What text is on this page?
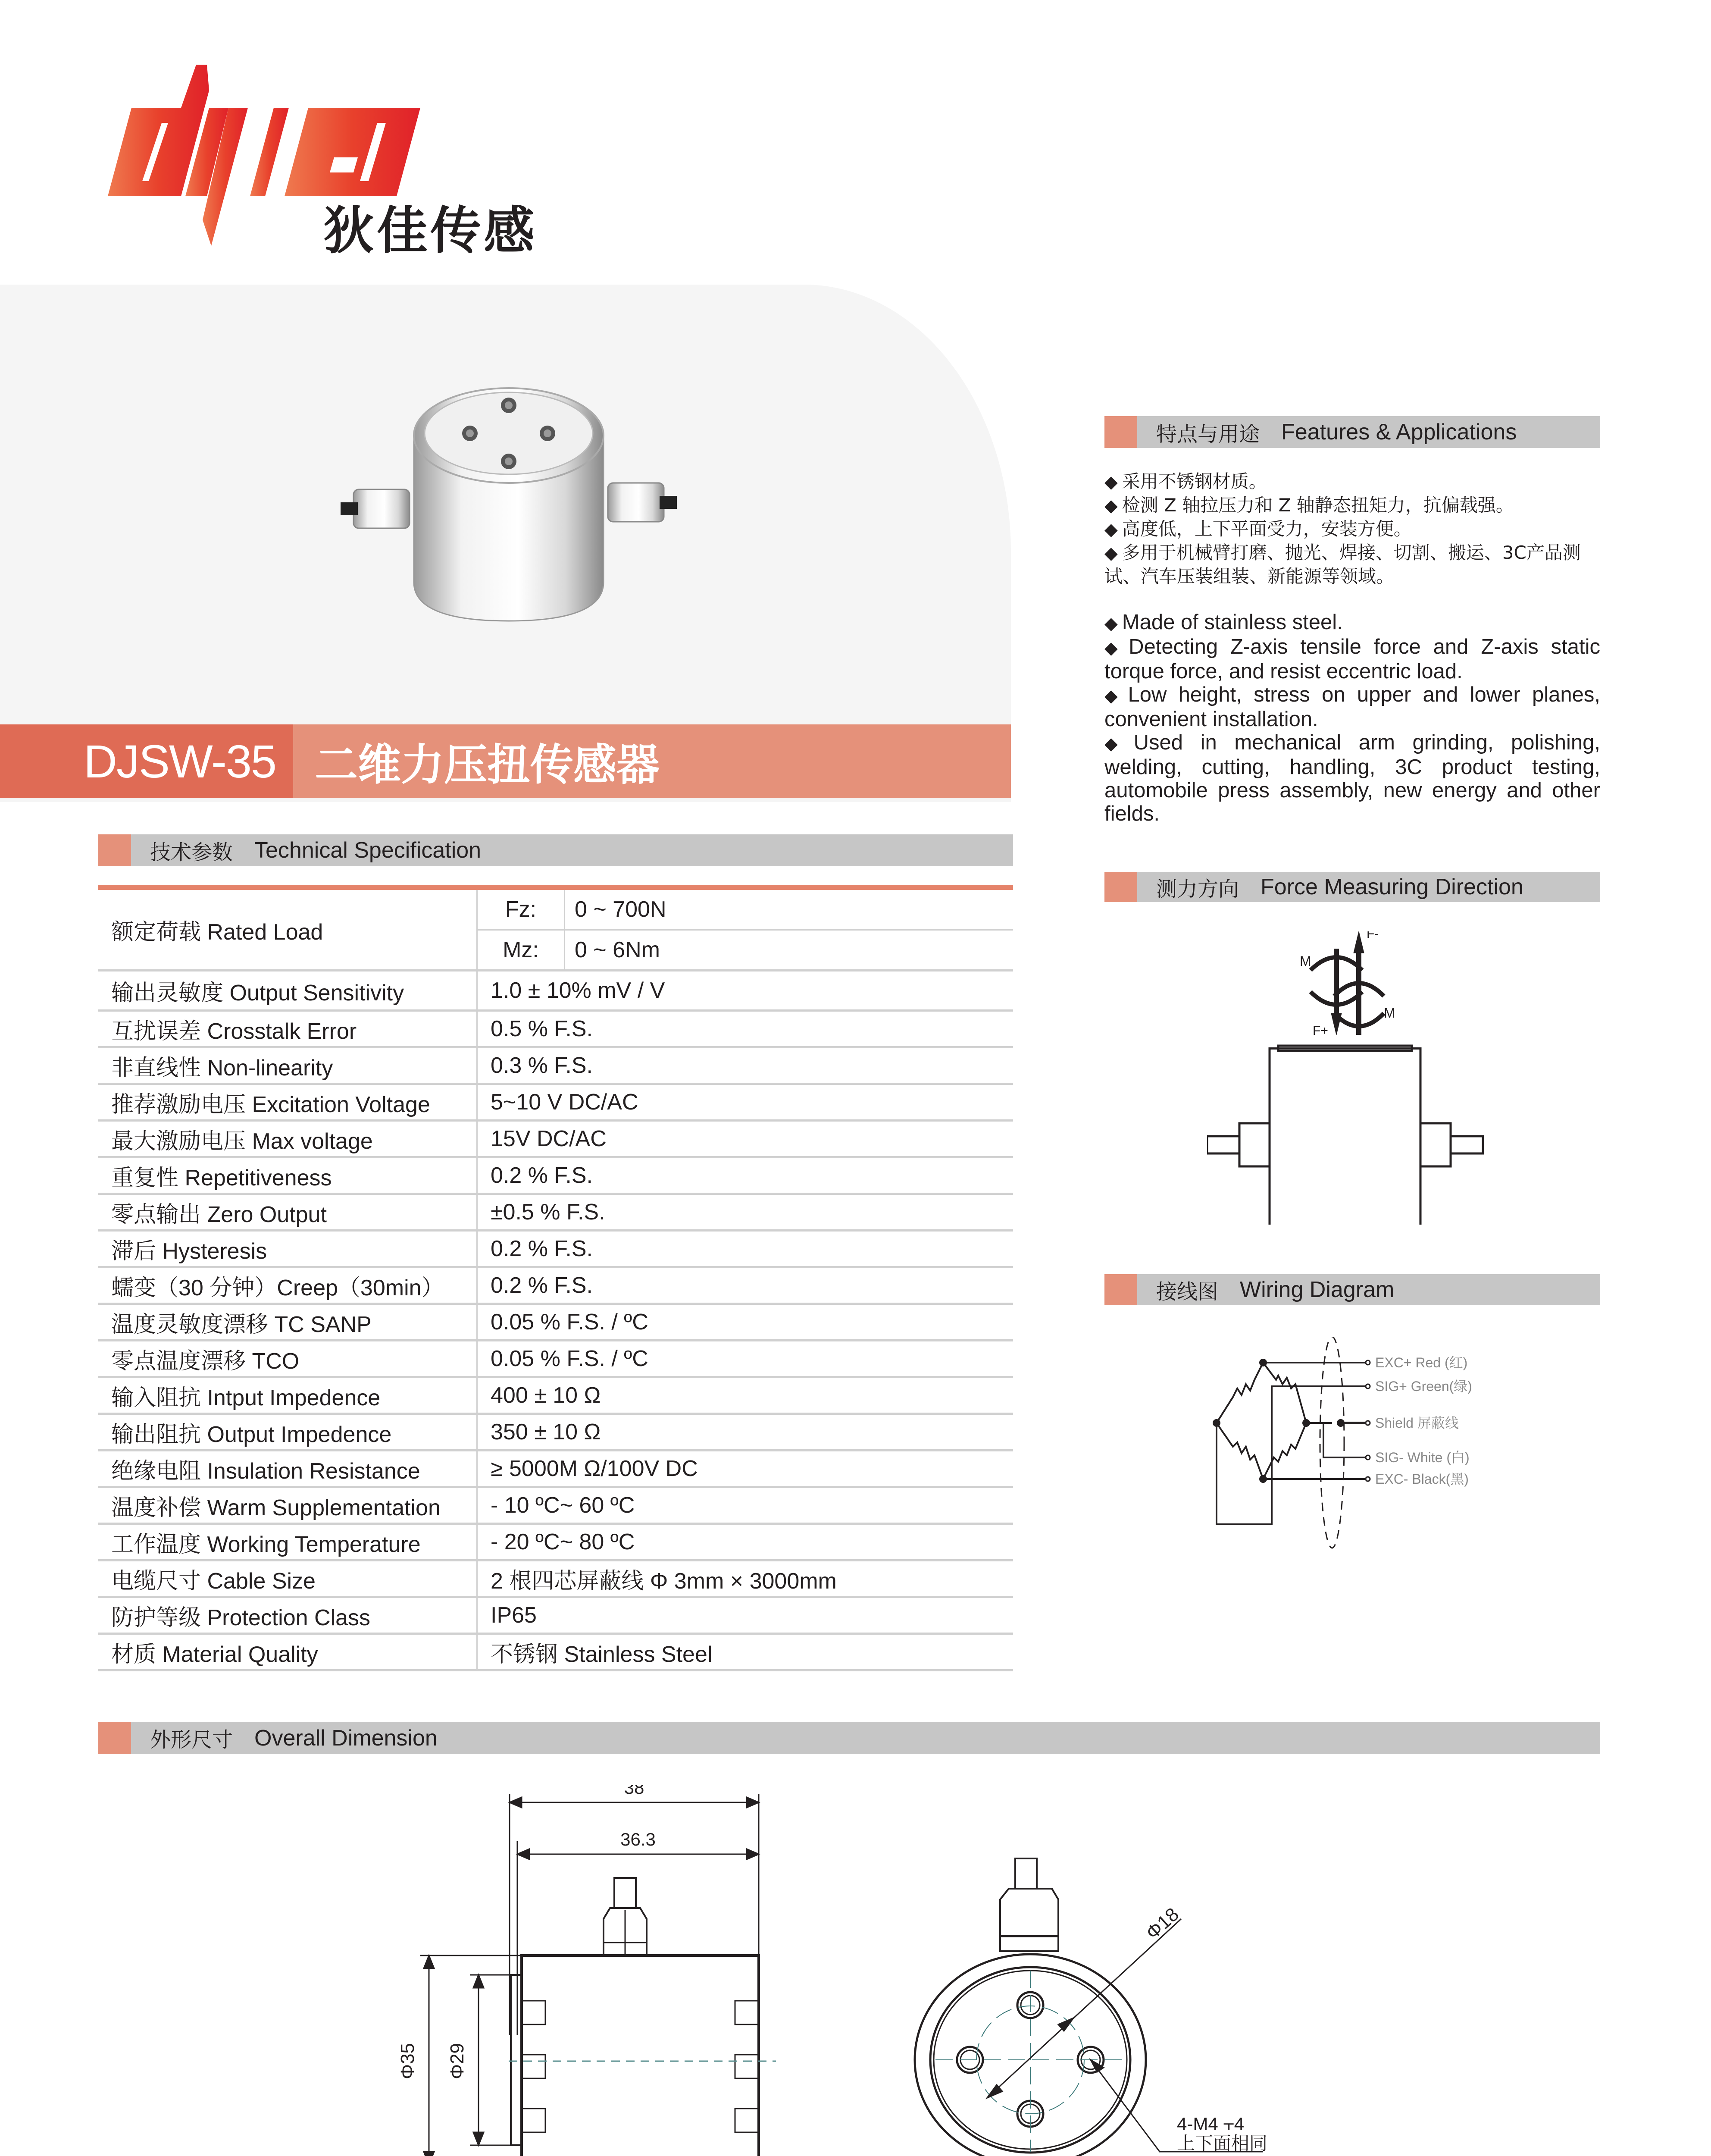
狄佳传感
DJSW-35 二维力压扭传感器
技术参数 Technical Specification
额定荷载 Rated Load
Fz:	0 ~ 700N
Mz:	0 ~ 6Nm
输出灵敏度 Output Sensitivity	1.0 ± 10% mV / V
互扰误差 Crosstalk Error	0.5 % F.S.
非直线性 Non-linearity	0.3 % F.S.
推荐激励电压 Excitation Voltage	5~10 V DC/AC
最大激励电压 Max voltage	15V DC/AC
重复性 Repetitiveness	0.2 % F.S.
零点输出 Zero Output	±0.5 % F.S.
滞后 Hysteresis	0.2 % F.S.
蠕变（30 分钟）Creep（30min）	0.2 % F.S.
温度灵敏度漂移 TC SANP	0.05 % F.S. / ºC
零点温度漂移 TCO	0.05 % F.S. / ºC
输入阻抗 Intput Impedence	400 ± 10 Ω
输出阻抗 Output Impedence	350 ± 10 Ω
绝缘电阻 Insulation Resistance	≥ 5000M Ω/100V DC
温度补偿 Warm Supplementation	- 10 ºC~ 60 ºC
工作温度 Working Temperature	- 20 ºC~ 80 ºC
电缆尺寸 Cable Size	2 根四芯屏蔽线 Φ 3mm × 3000mm
防护等级 Protection Class	IP65
材质 Material Quality	不锈钢 Stainless Steel
特点与用途 Features & Applications

◆ 采用不锈钢材质。

◆ 检测 Z 轴拉压力和 Z 轴静态扭矩力，抗偏载强。

◆ 高度低，上下平面受力，安装方便。

◆ 多用于机械臂打磨、抛光、焊接、切割、搬运、3C产品测试、汽车压装组装、新能源等领域。

◆ Made of stainless steel.

◆ Detecting Z-axis tensile force and Z-axis static torque force, and resist eccentric load.

◆ Low height, stress on upper and lower planes, convenient installation.

◆ Used in mechanical arm grinding, polishing, welding, cutting, handling, 3C product testing, automobile press assembly, new energy and other fields.

测力方向 Force Measuring Direction
M
M
F+
F-
接线图 Wiring Diagram
EXC+ Red (红)
SIG+ Green(绿)
Shield 屏蔽线
SIG- White (白)
EXC- Black(黑)
外形尺寸 Overall Dimension
38
36.3
Φ35 Φ29
Φ18
4-M4 ⫟4
上下面相同
